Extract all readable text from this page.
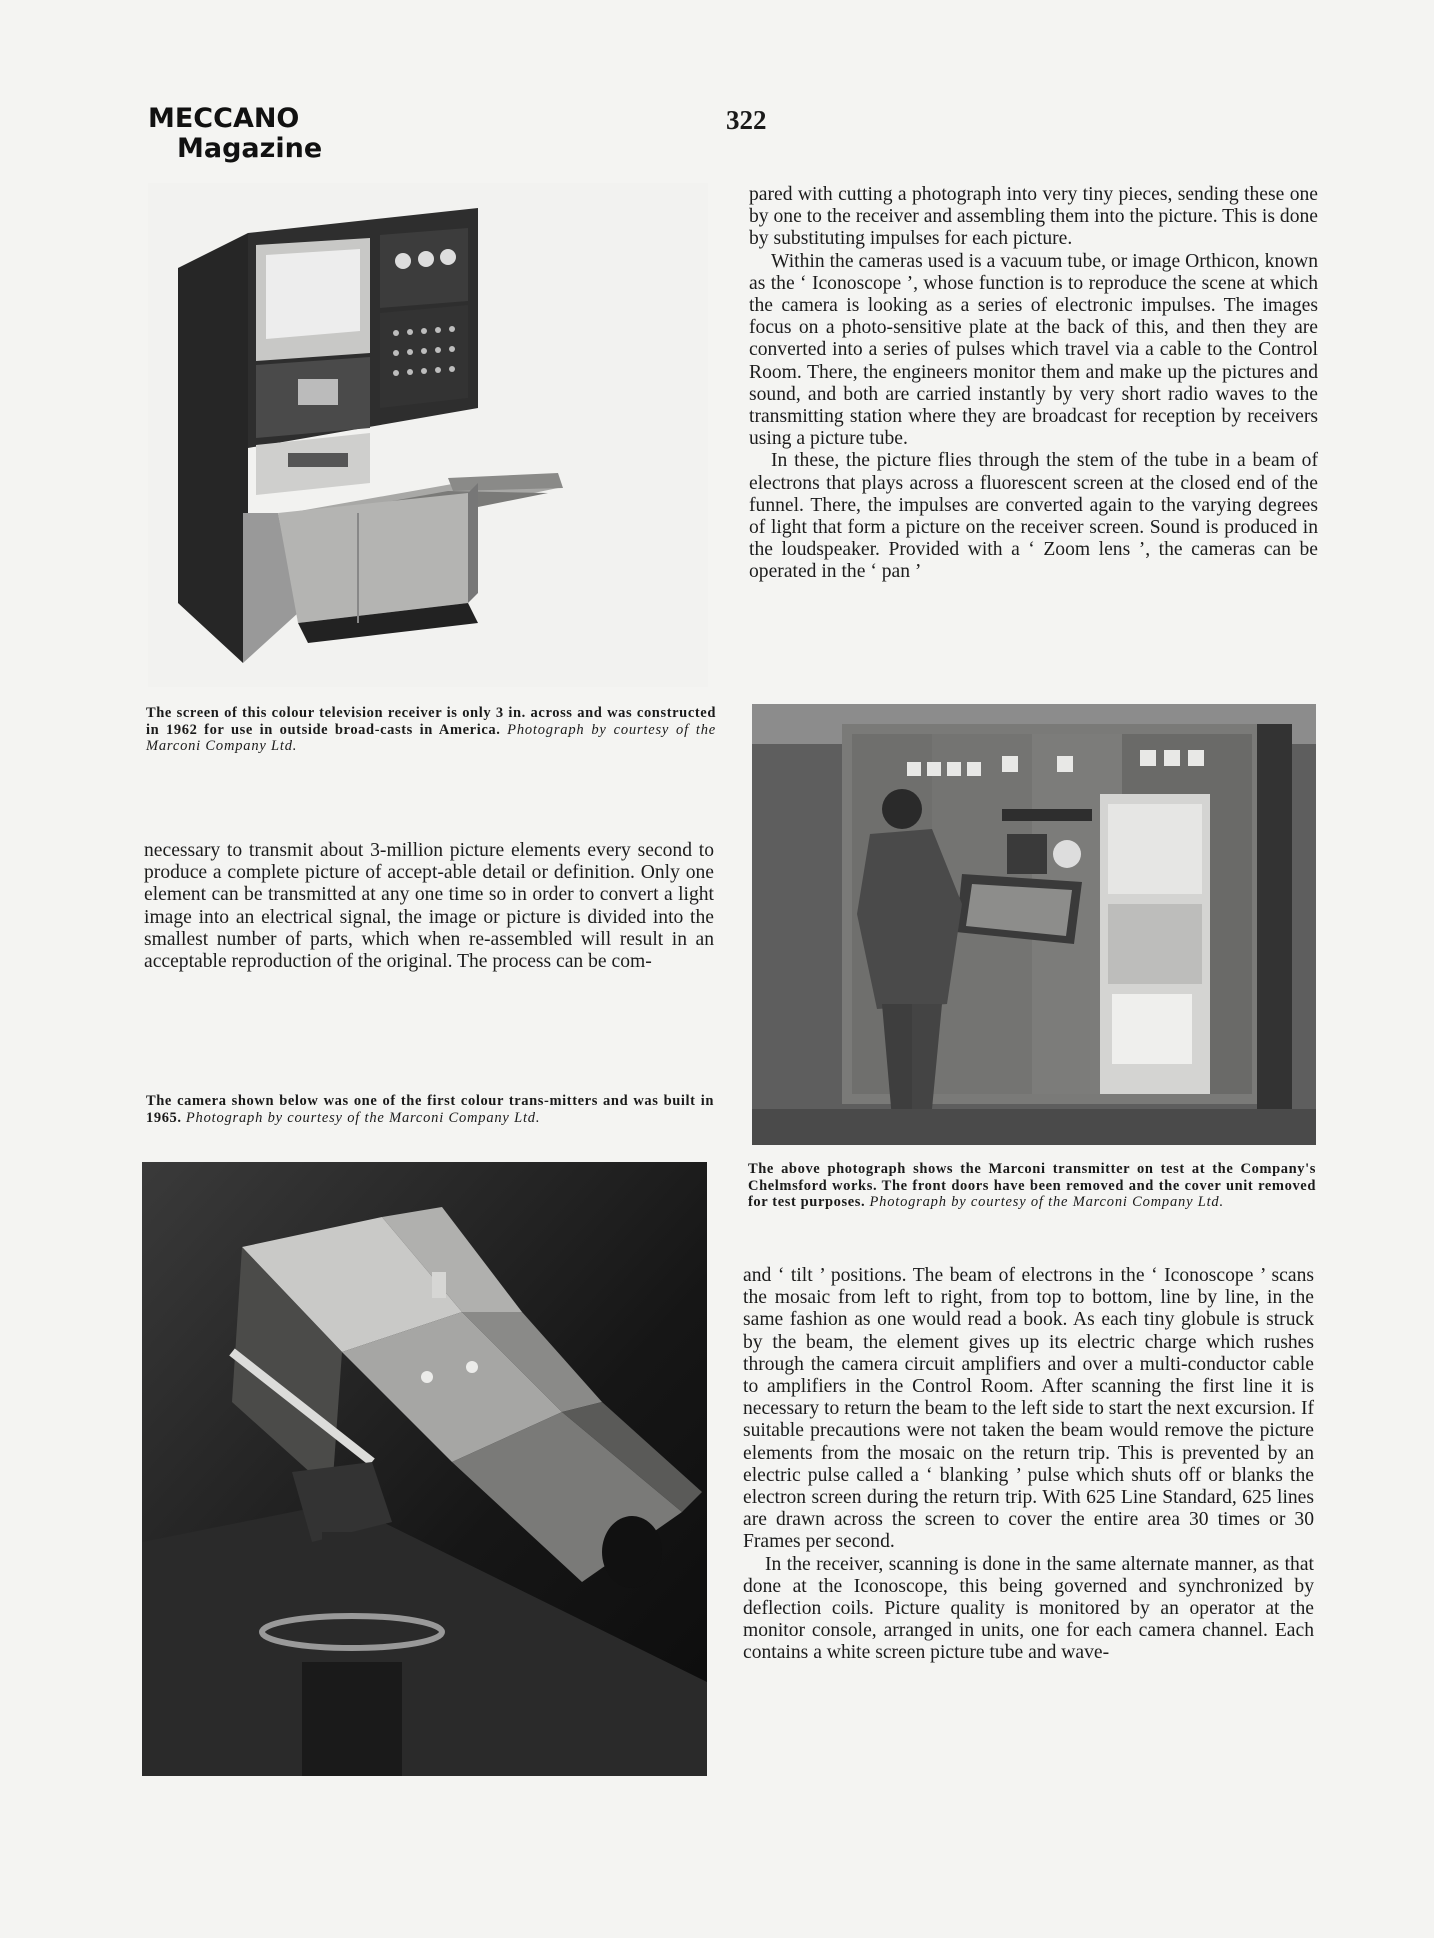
MECCANO
Magazine
322
The screen of this colour television receiver is only 3 in. across and was constructed in 1962 for use in outside broad-casts in America. Photograph by courtesy of the Marconi Company Ltd.

pared with cutting a photograph into very tiny pieces, sending these one by one to the receiver and assembling them into the picture. This is done by substituting impulses for each picture.

Within the cameras used is a vacuum tube, or image Orthicon, known as the ‘ Iconoscope ’, whose function is to reproduce the scene at which the camera is looking as a series of electronic impulses. The images focus on a photo-sensitive plate at the back of this, and then they are converted into a series of pulses which travel via a cable to the Control Room. There, the engineers monitor them and make up the pictures and sound, and both are carried instantly by very short radio waves to the transmitting station where they are broadcast for reception by receivers using a picture tube.

In these, the picture flies through the stem of the tube in a beam of electrons that plays across a fluorescent screen at the closed end of the funnel. There, the impulses are converted again to the varying degrees of light that form a picture on the receiver screen. Sound is produced in the loudspeaker. Provided with a ‘ Zoom lens ’, the cameras can be operated in the ‘ pan ’

The above photograph shows the Marconi transmitter on test at the Company's Chelmsford works. The front doors have been removed and the cover unit removed for test purposes. Photograph by courtesy of the Marconi Company Ltd.

necessary to transmit about 3-million picture elements every second to produce a complete picture of accept-able detail or definition. Only one element can be transmitted at any one time so in order to convert a light image into an electrical signal, the image or picture is divided into the smallest number of parts, which when re-assembled will result in an acceptable reproduction of the original. The process can be com-

The camera shown below was one of the first colour trans-mitters and was built in 1965. Photograph by courtesy of the Marconi Company Ltd.

and ‘ tilt ’ positions. The beam of electrons in the ‘ Iconoscope ’ scans the mosaic from left to right, from top to bottom, line by line, in the same fashion as one would read a book. As each tiny globule is struck by the beam, the element gives up its electric charge which rushes through the camera circuit amplifiers and over a multi-conductor cable to amplifiers in the Control Room. After scanning the first line it is necessary to return the beam to the left side to start the next excursion. If suitable precautions were not taken the beam would remove the picture elements from the mosaic on the return trip. This is prevented by an electric pulse called a ‘ blanking ’ pulse which shuts off or blanks the electron screen during the return trip. With 625 Line Standard, 625 lines are drawn across the screen to cover the entire area 30 times or 30 Frames per second.

In the receiver, scanning is done in the same alternate manner, as that done at the Iconoscope, this being governed and synchronized by deflection coils. Picture quality is monitored by an operator at the monitor console, arranged in units, one for each camera channel. Each contains a white screen picture tube and wave-
